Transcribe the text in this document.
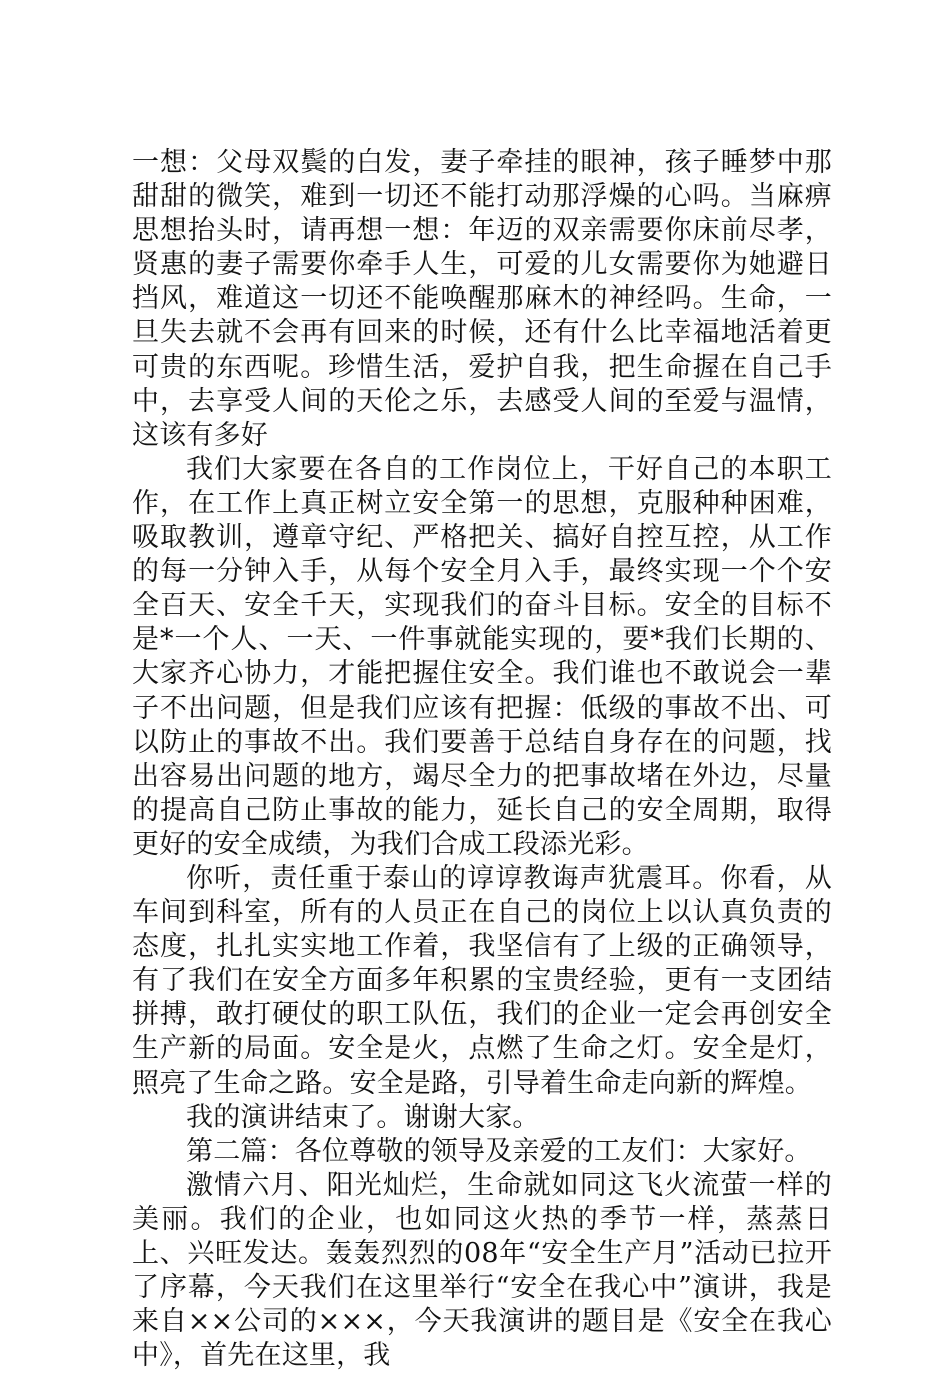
一想：父母双鬓的白发，妻子牵挂的眼神，孩子睡梦中那甜甜的微笑，难到一切还不能打动那浮燥的心吗。当麻痹思想抬头时，请再想一想：年迈的双亲需要你床前尽孝，贤惠的妻子需要你牵手人生，可爱的儿女需要你为她避日挡风，难道这一切还不能唤醒那麻木的神经吗。生命，一旦失去就不会再有回来的时候，还有什么比幸福地活着更可贵的东西呢。珍惜生活，爱护自我，把生命握在自己手中，去享受人间的天伦之乐，去感受人间的至爱与温情，这该有多好

我们大家要在各自的工作岗位上，干好自己的本职工作，在工作上真正树立安全第一的思想，克服种种困难，吸取教训，遵章守纪、严格把关、搞好自控互控，从工作的每一分钟入手，从每个安全月入手，最终实现一个个安全百天、安全千天，实现我们的奋斗目标。安全的目标不是*一个人、一天、一件事就能实现的，要*我们长期的、大家齐心协力，才能把握住安全。我们谁也不敢说会一辈子不出问题，但是我们应该有把握：低级的事故不出、可以防止的事故不出。我们要善于总结自身存在的问题，找出容易出问题的地方，竭尽全力的把事故堵在外边，尽量的提高自己防止事故的能力，延长自己的安全周期，取得更好的安全成绩，为我们合成工段添光彩。

你听，责任重于泰山的谆谆教诲声犹震耳。你看，从车间到科室，所有的人员正在自己的岗位上以认真负责的态度，扎扎实实地工作着，我坚信有了上级的正确领导，有了我们在安全方面多年积累的宝贵经验，更有一支团结拼搏，敢打硬仗的职工队伍，我们的企业一定会再创安全生产新的局面。安全是火，点燃了生命之灯。安全是灯，照亮了生命之路。安全是路，引导着生命走向新的辉煌。

我的演讲结束了。谢谢大家。

第二篇：各位尊敬的领导及亲爱的工友们：大家好。

激情六月、阳光灿烂，生命就如同这飞火流萤一样的美丽。我们的企业，也如同这火热的季节一样，蒸蒸日上、兴旺发达。轰轰烈烈的08年“安全生产月”活动已拉开了序幕，今天我们在这里举行“安全在我心中”演讲，我是来自××公司的×××，今天我演讲的题目是《安全在我心中》，首先在这里，我
